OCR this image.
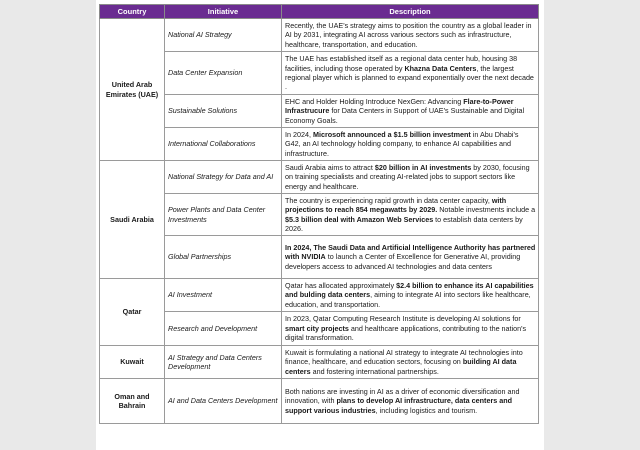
Country	Initiative	Description
United Arab Emirates (UAE)	National AI Strategy	Recently, the UAE's strategy aims to position the country as a global leader in AI by 2031, integrating AI across various sectors such as infrastructure, healthcare, transportation, and education.

	Data Center Expansion	The UAE has established itself as a regional data center hub, housing 38 facilities, including those operated by Khazna Data Centers, the largest regional player which is planned to expand exponentially over the next decade .

	Sustainable Solutions	EHC and Holder Holding Introduce NexGen: Advancing Flare-to-Power Infrastrucure for Data Centers in Support of UAE's Sustainable and Digital Economy Goals.

	International Collaborations	In 2024, Microsoft announced a $1.5 billion investment in Abu Dhabi's G42, an AI technology holding company, to enhance AI capabilities and infrastructure.

Saudi Arabia	National Strategy for Data and AI	Saudi Arabia aims to attract $20 billion in AI investments by 2030, focusing on training specialists and creating AI-related jobs to support sectors like energy and healthcare.

	Power Plants and Data Center Investments	The country is experiencing rapid growth in data center capacity, with projections to reach 854 megawatts by 2029. Notable investments include a $5.3 billion deal with Amazon Web Services to establish data centers by 2026.

	Global Partnerships	In 2024, The Saudi Data and Artificial Intelligence Authority has partnered with NVIDIA to launch a Center of Excellence for Generative AI, providing developers access to advanced AI technologies and data centers

Qatar	AI Investment	Qatar has allocated approximately $2.4 billion to enhance its AI capabilities and bulding data centers, aiming to integrate AI into sectors like healthcare, education, and transportation.

	Research and Development	In 2023, Qatar Computing Research Institute is developing AI solutions for smart city projects and healthcare applications, contributing to the nation's digital transformation.

Kuwait	AI Strategy and Data Centers Development	Kuwait is formulating a national AI strategy to integrate AI technologies into finance, healthcare, and education sectors, focusing on building AI data centers and fostering international partnerships.

Oman and Bahrain	AI and Data Centers Development	Both nations are investing in AI as a driver of economic diversification and innovation, with plans to develop AI infrastructure, data centers and support various industries, including logistics and tourism.
